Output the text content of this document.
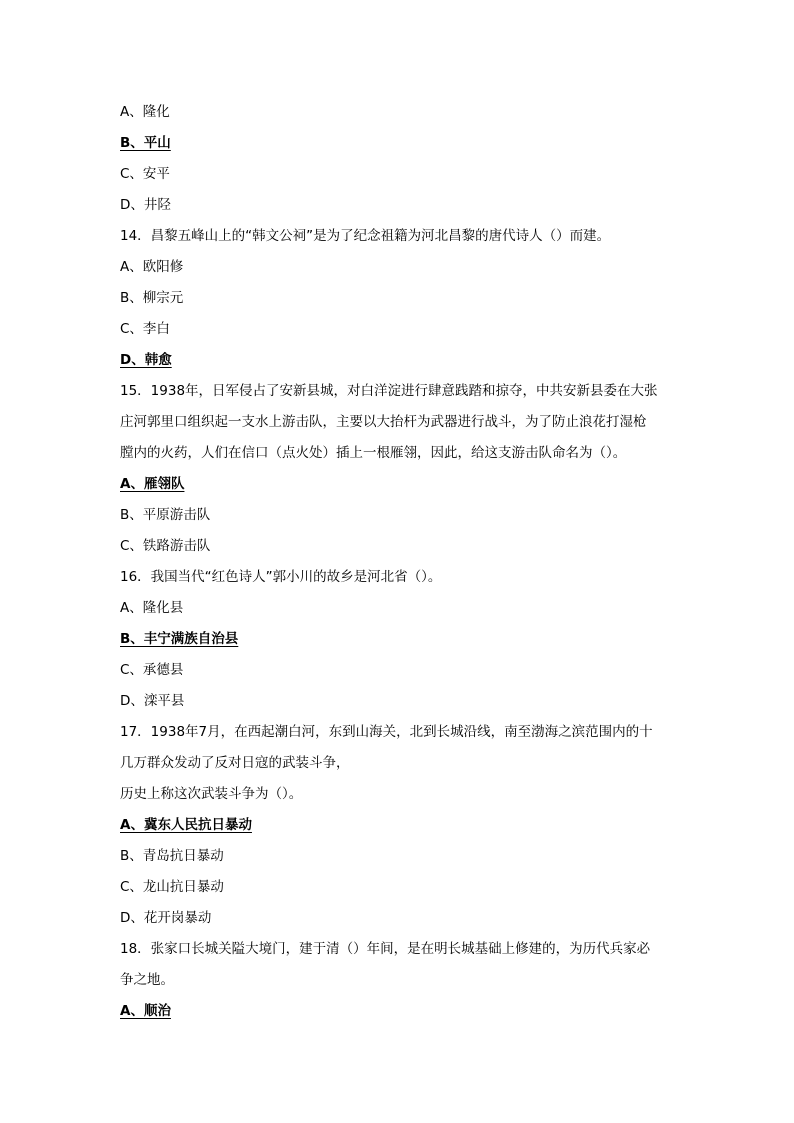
A、隆化

B、平山

C、安平

D、井陉

14．昌黎五峰山上的“韩文公祠”是为了纪念祖籍为河北昌黎的唐代诗人（）而建。

A、欧阳修

B、柳宗元

C、李白

D、韩愈

15．1938年，日军侵占了安新县城，对白洋淀进行肆意践踏和掠夺，中共安新县委在大张

庄河郭里口组织起一支水上游击队，主要以大抬杆为武器进行战斗，为了防止浪花打湿枪

膛内的火药，人们在信口（点火处）插上一根雁翎，因此，给这支游击队命名为（）。

A、雁翎队

B、平原游击队

C、铁路游击队

16．我国当代“红色诗人”郭小川的故乡是河北省（）。

A、隆化县

B、丰宁满族自治县

C、承德县

D、滦平县

17．1938年7月，在西起潮白河，东到山海关，北到长城沿线，南至渤海之滨范围内的十

几万群众发动了反对日寇的武装斗争，

历史上称这次武装斗争为（）。

A、冀东人民抗日暴动

B、青岛抗日暴动

C、龙山抗日暴动

D、花开岗暴动

18．张家口长城关隘大境门，建于清（）年间，是在明长城基础上修建的，为历代兵家必

争之地。

A、顺治
